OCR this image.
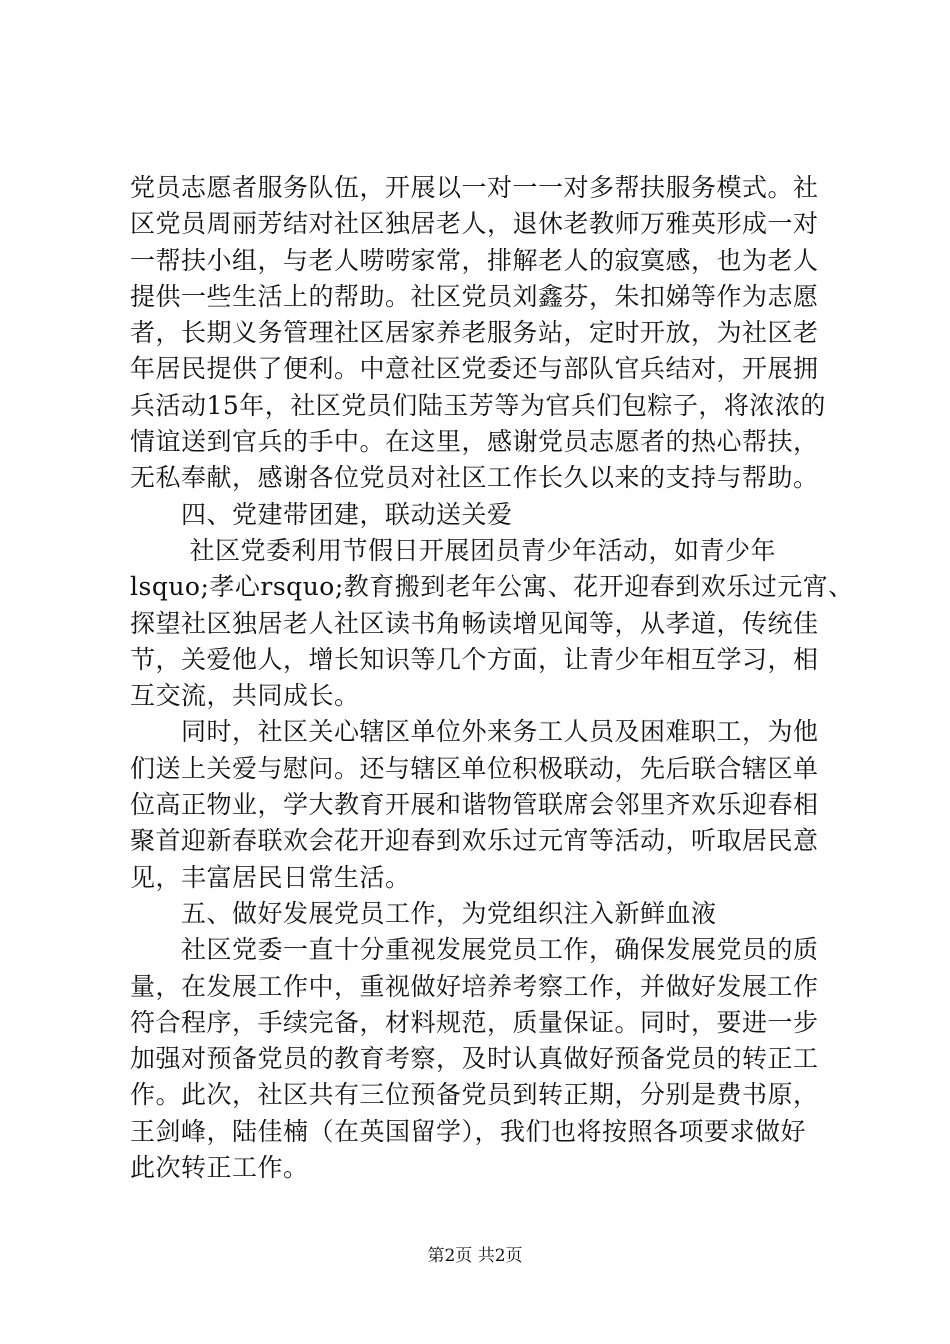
党员志愿者服务队伍，开展以一对一一对多帮扶服务模式。社
区党员周丽芳结对社区独居老人，退休老教师万雅英形成一对
一帮扶小组，与老人唠唠家常，排解老人的寂寞感，也为老人
提供一些生活上的帮助。社区党员刘鑫芬，朱扣娣等作为志愿
者，长期义务管理社区居家养老服务站，定时开放，为社区老
年居民提供了便利。中意社区党委还与部队官兵结对，开展拥
兵活动15年，社区党员们陆玉芳等为官兵们包粽子，将浓浓的
情谊送到官兵的手中。在这里，感谢党员志愿者的热心帮扶，
无私奉献，感谢各位党员对社区工作长久以来的支持与帮助。
　　四、党建带团建，联动送关爱
　　 社区党委利用节假日开展团员青少年活动，如青少年
lsquo;孝心rsquo;教育搬到老年公寓、花开迎春到欢乐过元宵、
探望社区独居老人社区读书角畅读增见闻等，从孝道，传统佳
节，关爱他人，增长知识等几个方面，让青少年相互学习，相
互交流，共同成长。
　　同时，社区关心辖区单位外来务工人员及困难职工，为他
们送上关爱与慰问。还与辖区单位积极联动，先后联合辖区单
位高正物业，学大教育开展和谐物管联席会邻里齐欢乐迎春相
聚首迎新春联欢会花开迎春到欢乐过元宵等活动，听取居民意
见，丰富居民日常生活。
　　五、做好发展党员工作，为党组织注入新鲜血液
　　社区党委一直十分重视发展党员工作，确保发展党员的质
量，在发展工作中，重视做好培养考察工作，并做好发展工作
符合程序，手续完备，材料规范，质量保证。同时，要进一步
加强对预备党员的教育考察，及时认真做好预备党员的转正工
作。此次，社区共有三位预备党员到转正期，分别是费书原，
王剑峰，陆佳楠（在英国留学），我们也将按照各项要求做好
此次转正工作。
第2页 共2页
